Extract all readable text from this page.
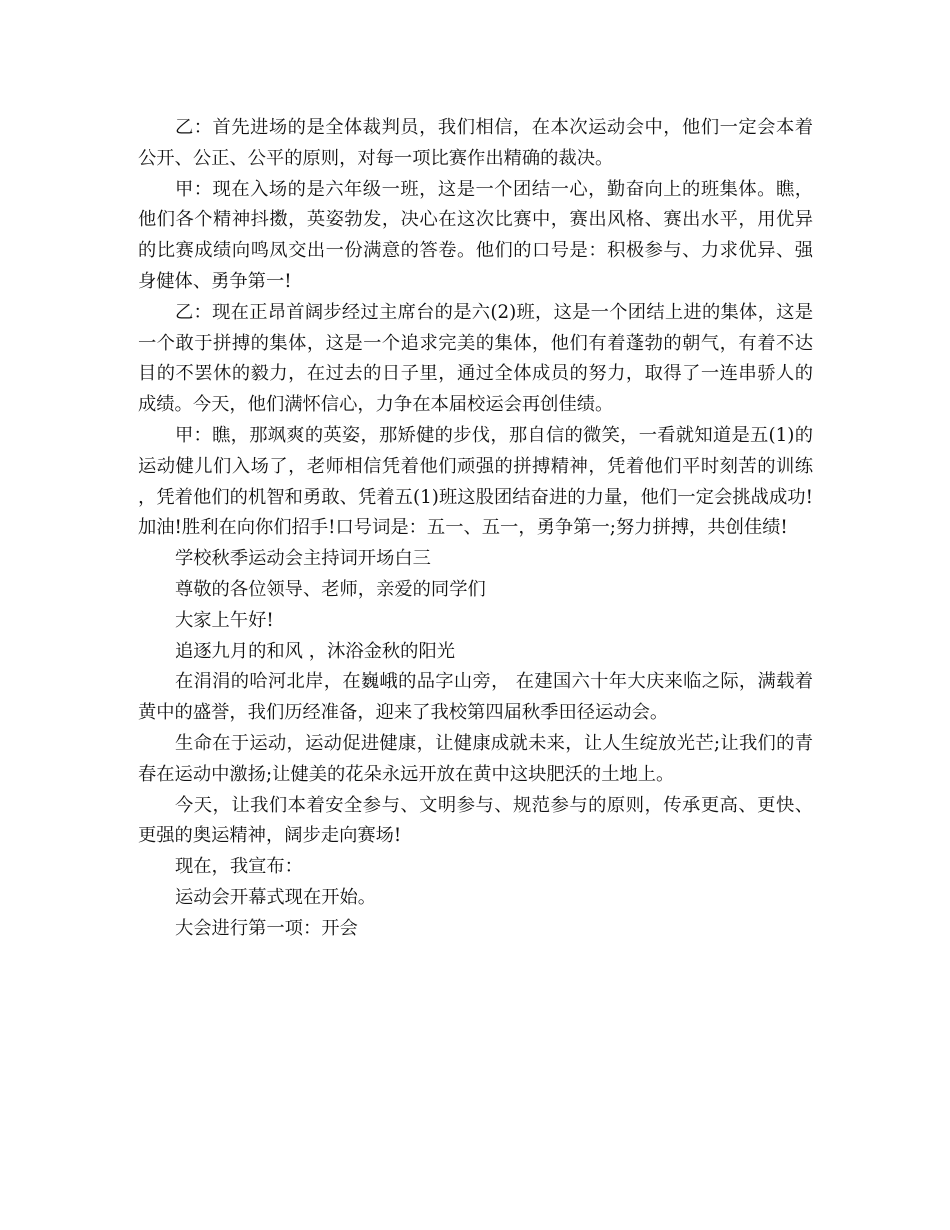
乙：首先进场的是全体裁判员，我们相信，在本次运动会中，他们一定会本着公开、公正、公平的原则，对每一项比赛作出精确的裁决。

甲：现在入场的是六年级一班，这是一个团结一心，勤奋向上的班集体。瞧，他们各个精神抖擞，英姿勃发，决心在这次比赛中，赛出风格、赛出水平，用优异的比赛成绩向鸣凤交出一份满意的答卷。他们的口号是：积极参与、力求优异、强身健体、勇争第一!

乙：现在正昂首阔步经过主席台的是六(2)班，这是一个团结上进的集体，这是一个敢于拼搏的集体，这是一个追求完美的集体，他们有着蓬勃的朝气，有着不达目的不罢休的毅力，在过去的日子里，通过全体成员的努力，取得了一连串骄人的成绩。今天，他们满怀信心，力争在本届校运会再创佳绩。

甲：瞧，那飒爽的英姿，那矫健的步伐，那自信的微笑，一看就知道是五(1)的运动健儿们入场了，老师相信凭着他们顽强的拼搏精神，凭着他们平时刻苦的训练，凭着他们的机智和勇敢、凭着五(1)班这股团结奋进的力量，他们一定会挑战成功!加油!胜利在向你们招手!口号词是：五一、五一，勇争第一;努力拼搏，共创佳绩!

学校秋季运动会主持词开场白三

尊敬的各位领导、老师，亲爱的同学们

大家上午好!

追逐九月的和风 ，沐浴金秋的阳光

在涓涓的哈河北岸，在巍峨的品字山旁， 在建国六十年大庆来临之际，满载着黄中的盛誉，我们历经准备，迎来了我校第四届秋季田径运动会。

生命在于运动，运动促进健康，让健康成就未来，让人生绽放光芒;让我们的青春在运动中激扬;让健美的花朵永远开放在黄中这块肥沃的土地上。

今天，让我们本着安全参与、文明参与、规范参与的原则，传承更高、更快、更强的奥运精神，阔步走向赛场!

现在，我宣布：

运动会开幕式现在开始。

大会进行第一项：开会
